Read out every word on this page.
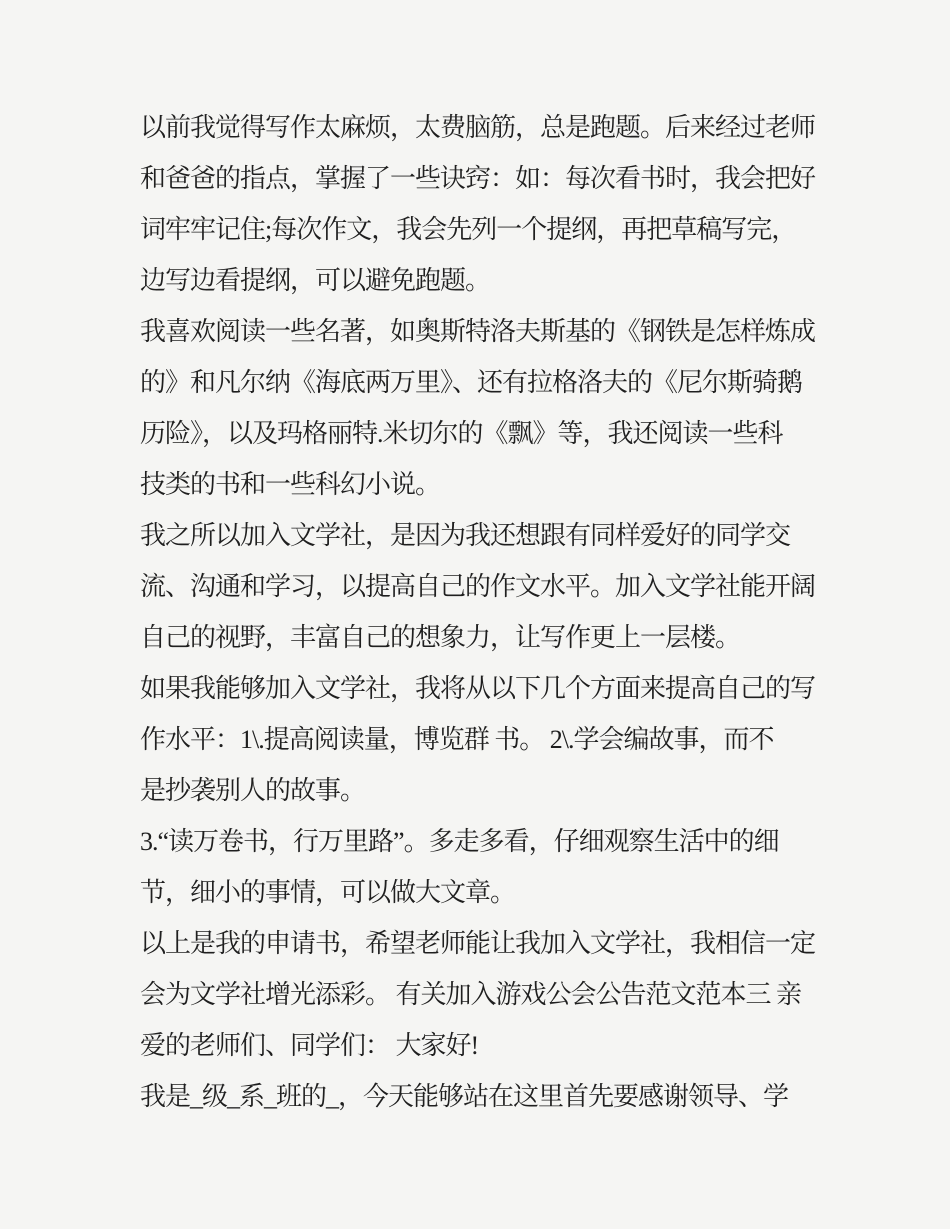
以前我觉得写作太麻烦，太费脑筋，总是跑题。后来经过老师
和爸爸的指点，掌握了一些诀窍：如：每次看书时，我会把好
词牢牢记住;每次作文，我会先列一个提纲，再把草稿写完，
边写边看提纲，可以避免跑题。
我喜欢阅读一些名著，如奥斯特洛夫斯基的《钢铁是怎样炼成
的》和凡尔纳《海底两万里》、还有拉格洛夫的《尼尔斯骑鹅
历险》，以及玛格丽特.米切尔的《飘》等，我还阅读一些科
技类的书和一些科幻小说。
我之所以加入文学社，是因为我还想跟有同样爱好的同学交
流、沟通和学习，以提高自己的作文水平。加入文学社能开阔
自己的视野，丰富自己的想象力，让写作更上一层楼。
如果我能够加入文学社，我将从以下几个方面来提高自己的写
作水平：1\.提高阅读量，博览群 书。 2\.学会编故事，而不
是抄袭别人的故事。
3.“读万卷书，行万里路”。多走多看，仔细观察生活中的细
节，细小的事情，可以做大文章。
以上是我的申请书，希望老师能让我加入文学社，我相信一定
会为文学社增光添彩。 有关加入游戏公会公告范文范本三 亲
爱的老师们、同学们： 大家好!
我是_级_系_班的_，今天能够站在这里首先要感谢领导、学
